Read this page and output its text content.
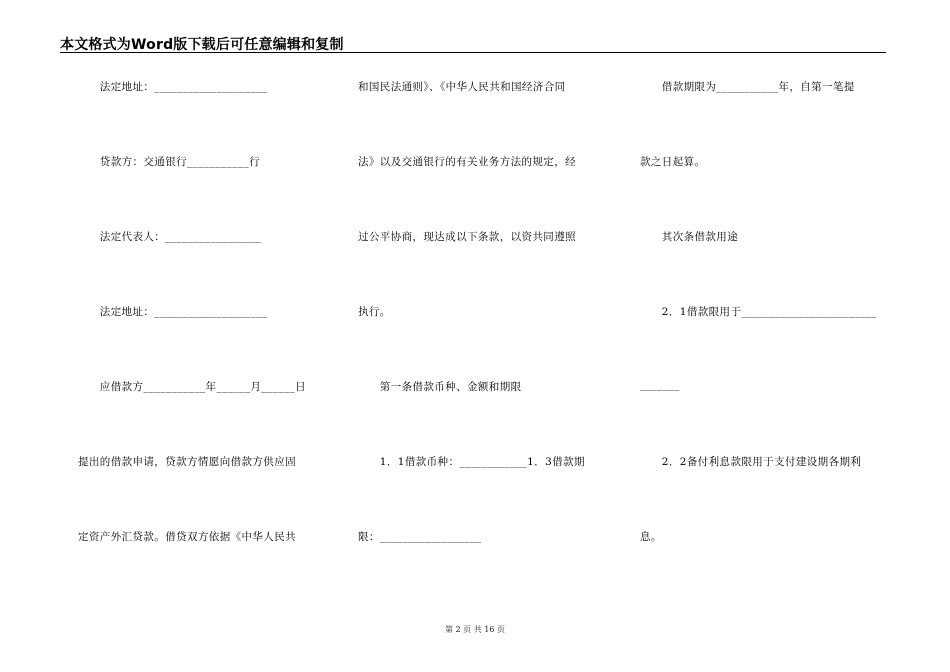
本文格式为Word版下载后可任意编辑和复制
　　法定地址：____________________
　　贷款方：交通银行___________行
　　法定代表人：_________________
　　法定地址：____________________
　　应借款方___________年______月______日
提出的借款申请，贷款方情愿向借款方供应固
定资产外汇贷款。借贷双方依据《中华人民共
和国民法通则》、《中华人民共和国经济合同
法》以及交通银行的有关业务方法的规定，经
过公平协商，现达成以下条款，以资共同遵照
执行。
　　第一条借款币种、金额和期限
　　1．1借款币种：____________1．3借款期
限：__________________
　　借款期限为___________年，自第一笔提
款之日起算。
　　其次条借款用途
　　2．1借款限用于________________________
_______
　　2．2备付利息款限用于支付建设期各期利
息。
第 2 页 共 16 页
